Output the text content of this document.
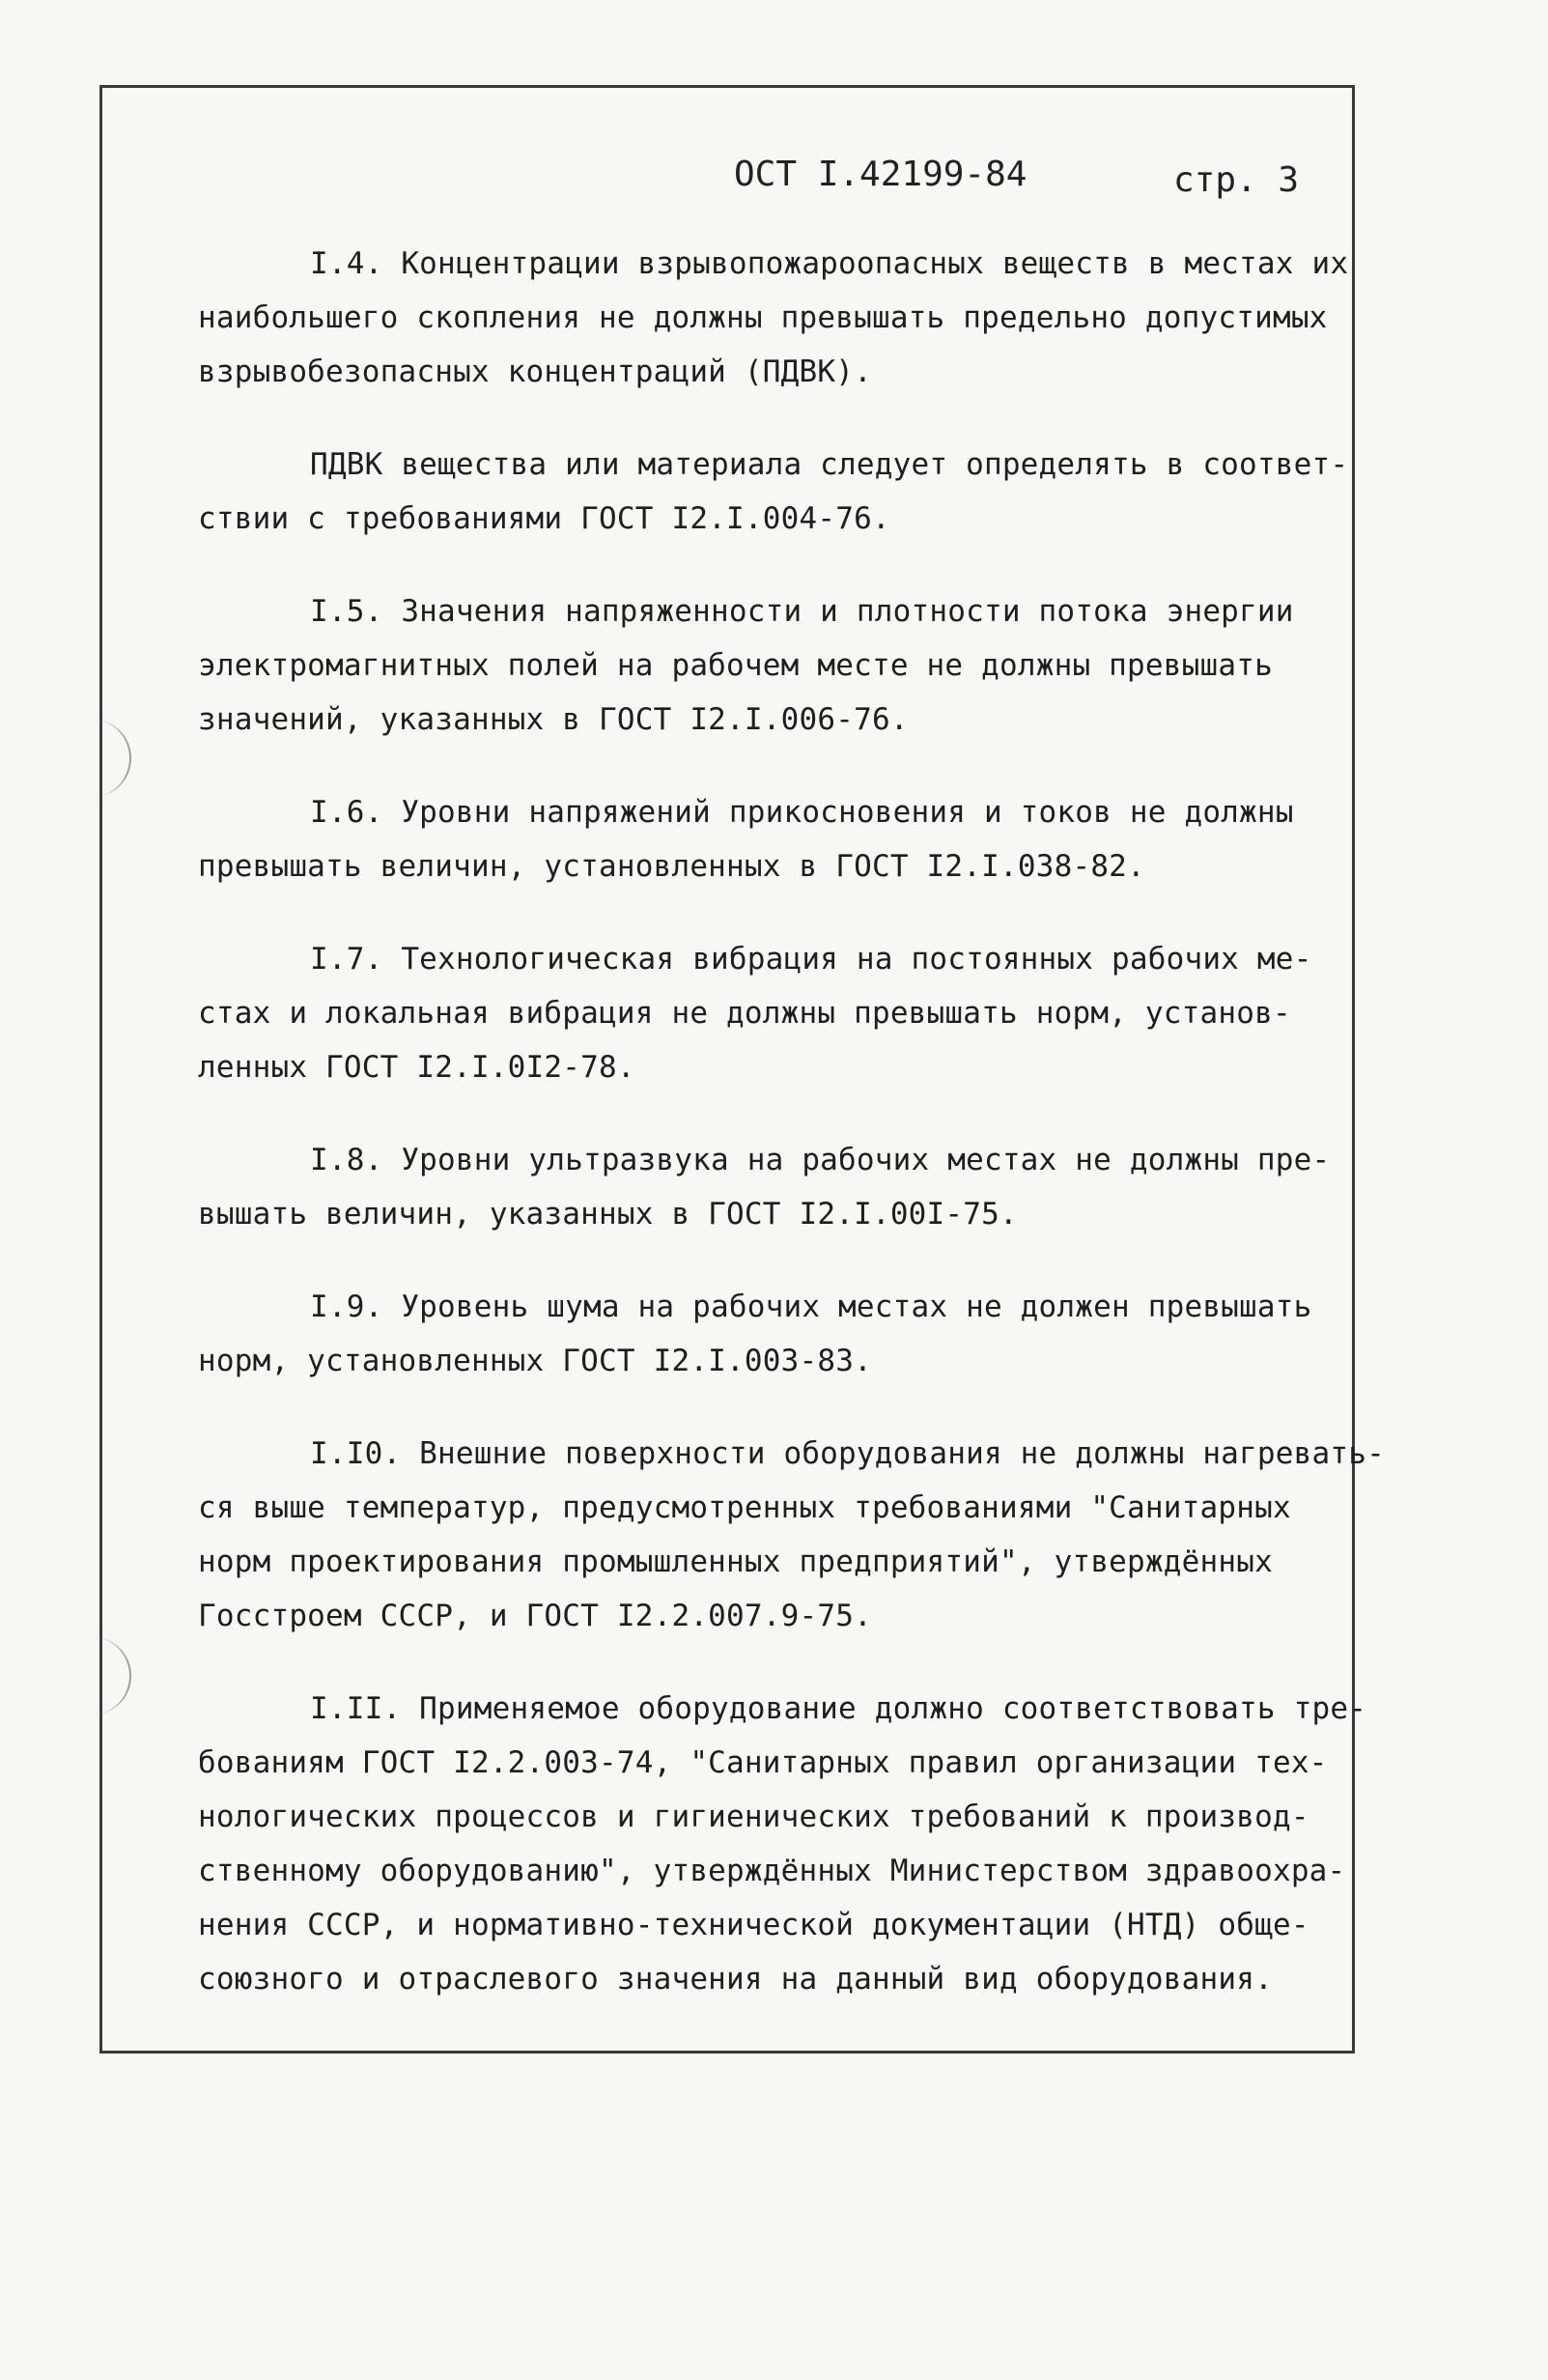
ОСТ I.42199-84	стр. 3
I.4. Концентрации взрывопожароопасных веществ в местах их
наибольшего скопления не должны превышать предельно допустимых
взрывобезопасных концентраций (ПДВК).
ПДВК вещества или материала следует определять в соответ-
ствии с требованиями ГОСТ I2.I.004-76.
I.5. Значения напряженности и плотности потока энергии
электромагнитных полей на рабочем месте не должны превышать
значений, указанных в ГОСТ I2.I.006-76.
I.6. Уровни напряжений прикосновения и токов не должны
превышать величин, установленных в ГОСТ I2.I.038-82.
I.7. Технологическая вибрация на постоянных рабочих ме-
стах и локальная вибрация не должны превышать норм, установ-
ленных ГОСТ I2.I.0I2-78.
I.8. Уровни ультразвука на рабочих местах не должны пре-
вышать величин, указанных в ГОСТ I2.I.00I-75.
I.9. Уровень шума на рабочих местах не должен превышать
норм, установленных ГОСТ I2.I.003-83.
I.I0. Внешние поверхности оборудования не должны нагревать-
ся выше температур, предусмотренных требованиями "Санитарных
норм проектирования промышленных предприятий", утверждённых
Госстроем СССР, и ГОСТ I2.2.007.9-75.
I.II. Применяемое оборудование должно соответствовать тре-
бованиям ГОСТ I2.2.003-74, "Санитарных правил организации тех-
нологических процессов и гигиенических требований к производ-
ственному оборудованию", утверждённых Министерством здравоохра-
нения СССР, и нормативно-технической документации (НТД) обще-
союзного и отраслевого значения на данный вид оборудования.
